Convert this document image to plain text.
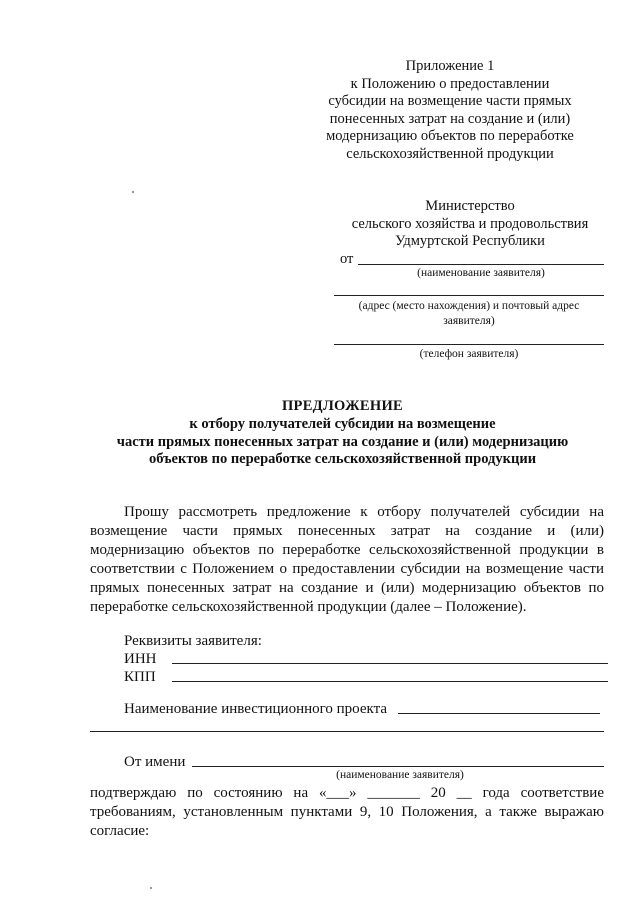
Приложение 1
к Положению о предоставлении
субсидии на возмещение части прямых
понесенных затрат на создание и (или)
модернизацию объектов по переработке
сельскохозяйственной продукции
Министерство
сельского хозяйства и продовольствия
Удмуртской Республики
от
(наименование заявителя)
(адрес (место нахождения) и почтовый адрес
заявителя)
(телефон заявителя)
ПРЕДЛОЖЕНИЕ
к отбору получателей субсидии на возмещение
части прямых понесенных затрат на создание и (или) модернизацию
объектов по переработке сельскохозяйственной продукции
Прошу рассмотреть предложение к отбору получателей субсидии на
возмещение части прямых понесенных затрат на создание и (или)
модернизацию объектов по переработке сельскохозяйственной продукции в
соответствии с Положением о предоставлении субсидии на возмещение части
прямых понесенных затрат на создание и (или) модернизацию объектов по
переработке сельскохозяйственной продукции (далее – Положение).
Реквизиты заявителя:
ИНН
КПП
Наименование инвестиционного проекта
От имени
(наименование заявителя)
подтверждаю по состоянию на «___» _______ 20 __ года соответствие
требованиям, установленным пунктами 9, 10 Положения, а также выражаю
согласие:
